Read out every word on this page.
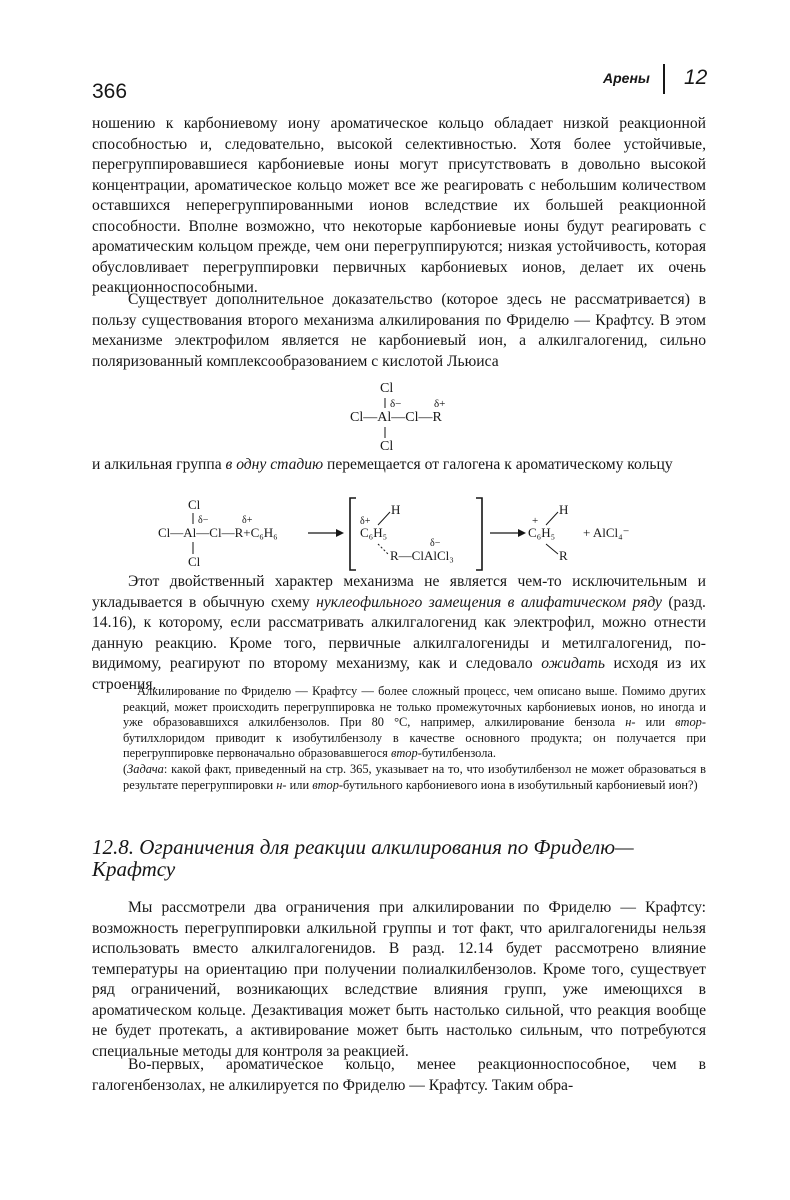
366
Арены 12

ношению к карбониевому иону ароматическое кольцо обладает низкой реакционной способностью и, следовательно, высокой селективностью. Хотя более устойчивые, перегруппировавшиеся карбониевые ионы могут присутствовать в довольно высокой концентрации, ароматическое кольцо может все же реагировать с небольшим количеством оставшихся неперегруппированными ионов вследствие их большей реакционной способности. Вполне возможно, что некоторые карбониевые ионы будут реагировать с ароматическим кольцом прежде, чем они перегруппируются; низкая устойчивость, которая обусловливает перегруппировки первичных карбониевых ионов, делает их очень реакционноспособными.

Существует дополнительное доказательство (которое здесь не рассматривается) в пользу существования второго механизма алкилирования по Фриделю — Крафтсу. В этом механизме электрофилом является не карбониевый ион, а алкилгалогенид, сильно поляризованный комплексообразованием с кислотой Льюиса

Cl
δ−	δ+
Cl—Al—Cl—R
Cl

и алкильная группа в одну стадию перемещается от галогена к ароматическому кольцу

Cl
δ−	δ+
Cl—Al—Cl—R+C₆H₆
Cl
δ+
H
C₆H₅
δ−
R—ClAlCl₃
+
H
C₆H₅
R
+ AlCl₄⁻

Этот двойственный характер механизма не является чем-то исключительным и укладывается в обычную схему нуклеофильного замещения в алифатическом ряду (разд. 14.16), к которому, если рассматривать алкилгалогенид как электрофил, можно отнести данную реакцию. Кроме того, первичные алкилгалогениды и метилгалогенид, по-видимому, реагируют по второму механизму, как и следовало ожидать исходя из их строения.

Алкилирование по Фриделю — Крафтсу — более сложный процесс, чем описано выше. Помимо других реакций, может происходить перегруппировка не только промежуточных карбониевых ионов, но иногда и уже образовавшихся алкилбензолов. При 80 °С, например, алкилирование бензола н- или втор-бутилхлоридом приводит к изобутилбензолу в качестве основного продукта; он получается при перегруппировке первоначально образовавшегося втор-бутилбензола.

(Задача: какой факт, приведенный на стр. 365, указывает на то, что изобутилбензол не может образоваться в результате перегруппировки н- или втор-бутильного карбониевого иона в изобутильный карбониевый ион?)

12.8. Ограничения для реакции алкилирования по Фриделю—Крафтсу

Мы рассмотрели два ограничения при алкилировании по Фриделю — Крафтсу: возможность перегруппировки алкильной группы и тот факт, что арилгалогениды нельзя использовать вместо алкилгалогенидов. В разд. 12.14 будет рассмотрено влияние температуры на ориентацию при получении полиалкилбензолов. Кроме того, существует ряд ограничений, возникающих вследствие влияния групп, уже имеющихся в ароматическом кольце. Дезактивация может быть настолько сильной, что реакция вообще не будет протекать, а активирование может быть настолько сильным, что потребуются специальные методы для контроля за реакцией.

Во-первых, ароматическое кольцо, менее реакционноспособное, чем в галогенбензолах, не алкилируется по Фриделю — Крафтсу. Таким обра-
